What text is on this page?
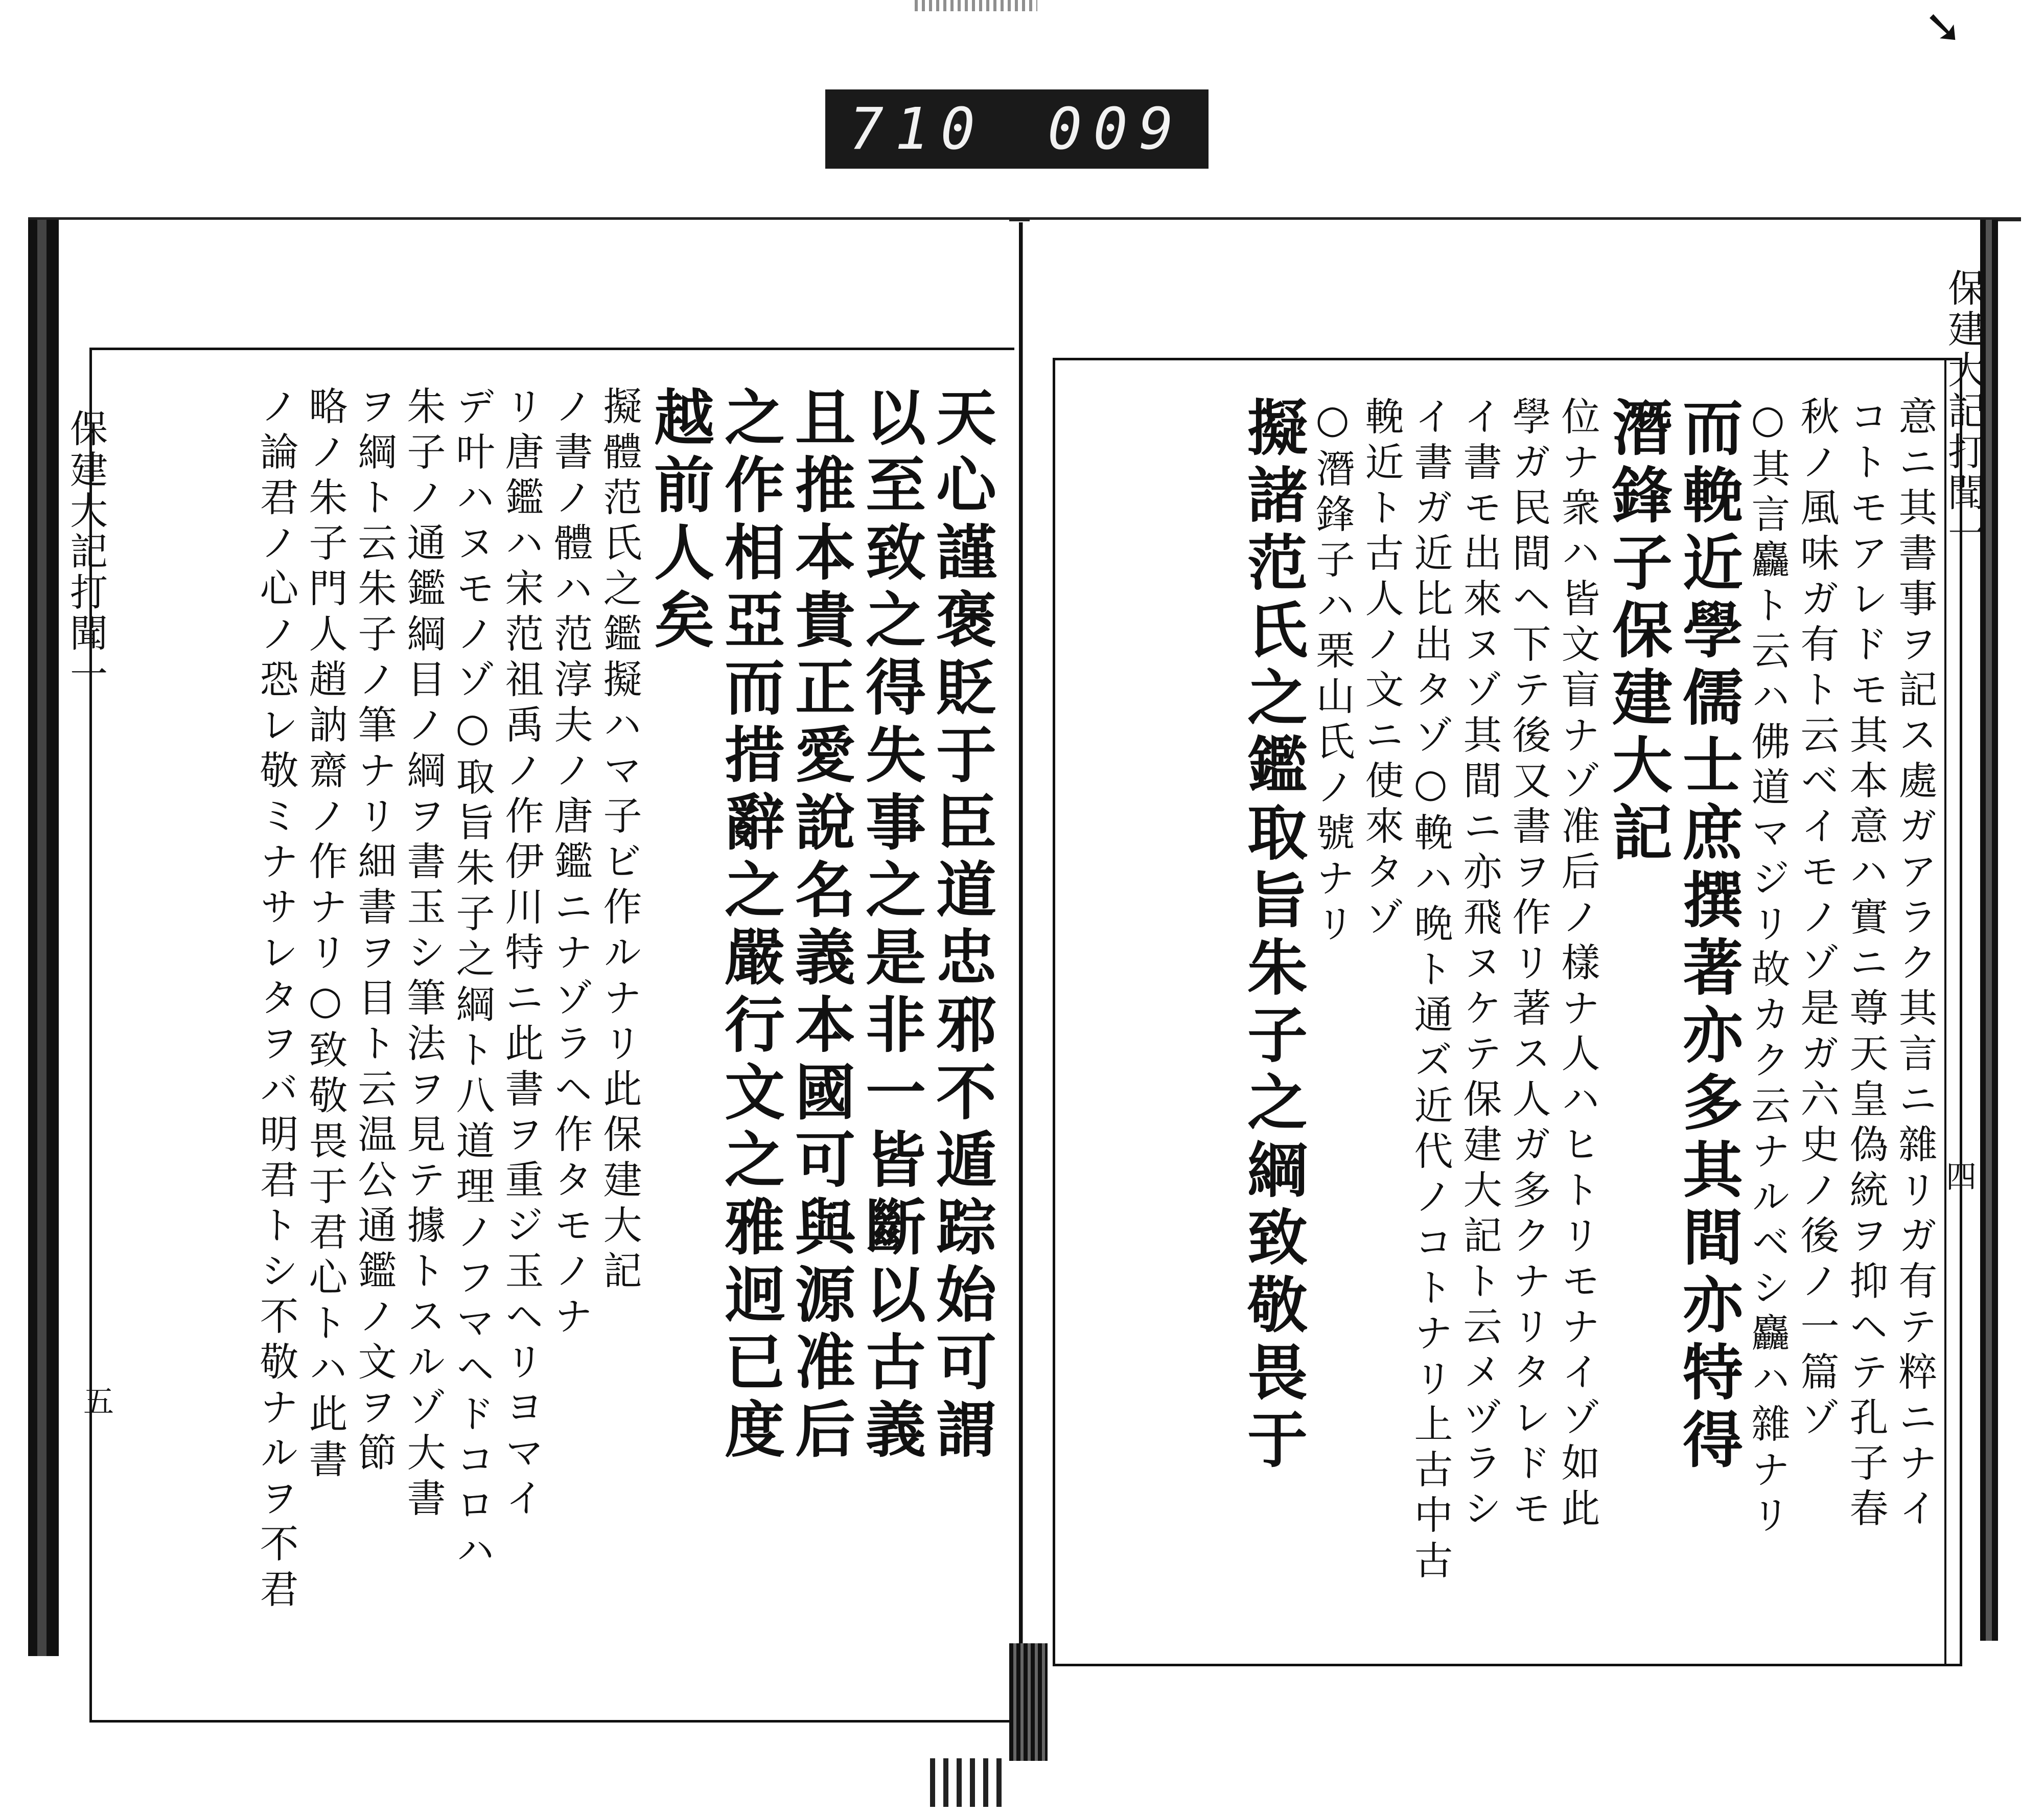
➘
710 009
保建大記打聞一
四
意ニ其書事ヲ記ス處ガアラク其言ニ雜リガ有テ粹ニナイ
コトモアレドモ其本意ハ實ニ尊天皇偽統ヲ抑ヘテ孔子春
秋ノ風味ガ有ト云ベイモノゾ是ガ六史ノ後ノ一篇ゾ
○其言麤ト云ハ佛道マジリ故カク云ナルベシ麤ハ雜ナリ
而輓近學儒士庶撰著亦多其間亦特得
潛鋒子保建大記
位ナ衆ハ皆文盲ナゾ准后ノ樣ナ人ハヒトリモナイゾ如此
學ガ民間ヘ下テ後又書ヲ作リ著ス人ガ多クナリタレドモ
イ書モ出來ヌゾ其間ニ亦飛ヌケテ保建大記ト云メヅラシ
イ書ガ近比出タゾ○輓ハ晩ト通ズ近代ノコトナリ上古中古
輓近ト古人ノ文ニ使來タゾ
○潛鋒子ハ栗山氏ノ號ナリ
擬諸范氏之鑑取旨朱子之綱致敬畏于
保建大記打聞一
五	天心謹褒貶于臣道忠邪不遁踪始可謂
以至致之得失事之是非一皆斷以古義
且推本貴正愛說名義本國可與源准后
之作相亞而措辭之嚴行文之雅迥已度
越前人矣
擬體范氏之鑑擬ハマ子ビ作ルナリ此保建大記
ノ書ノ體ハ范淳夫ノ唐鑑ニナゾラヘ作タモノナ
リ唐鑑ハ宋范祖禹ノ作伊川特ニ此書ヲ重ジ玉ヘリヨマイ
デ叶ハヌモノゾ○取旨朱子之綱ト八道理ノフマヘドコロハ
朱子ノ通鑑綱目ノ綱ヲ書玉シ筆法ヲ見テ據トスルゾ大書
ヲ綱ト云朱子ノ筆ナリ細書ヲ目ト云温公通鑑ノ文ヲ節
略ノ朱子門人趙訥齋ノ作ナリ○致敬畏于君心トハ此書
ノ論君ノ心ノ恐レ敬ミナサレタヲバ明君トシ不敬ナルヲ不君
